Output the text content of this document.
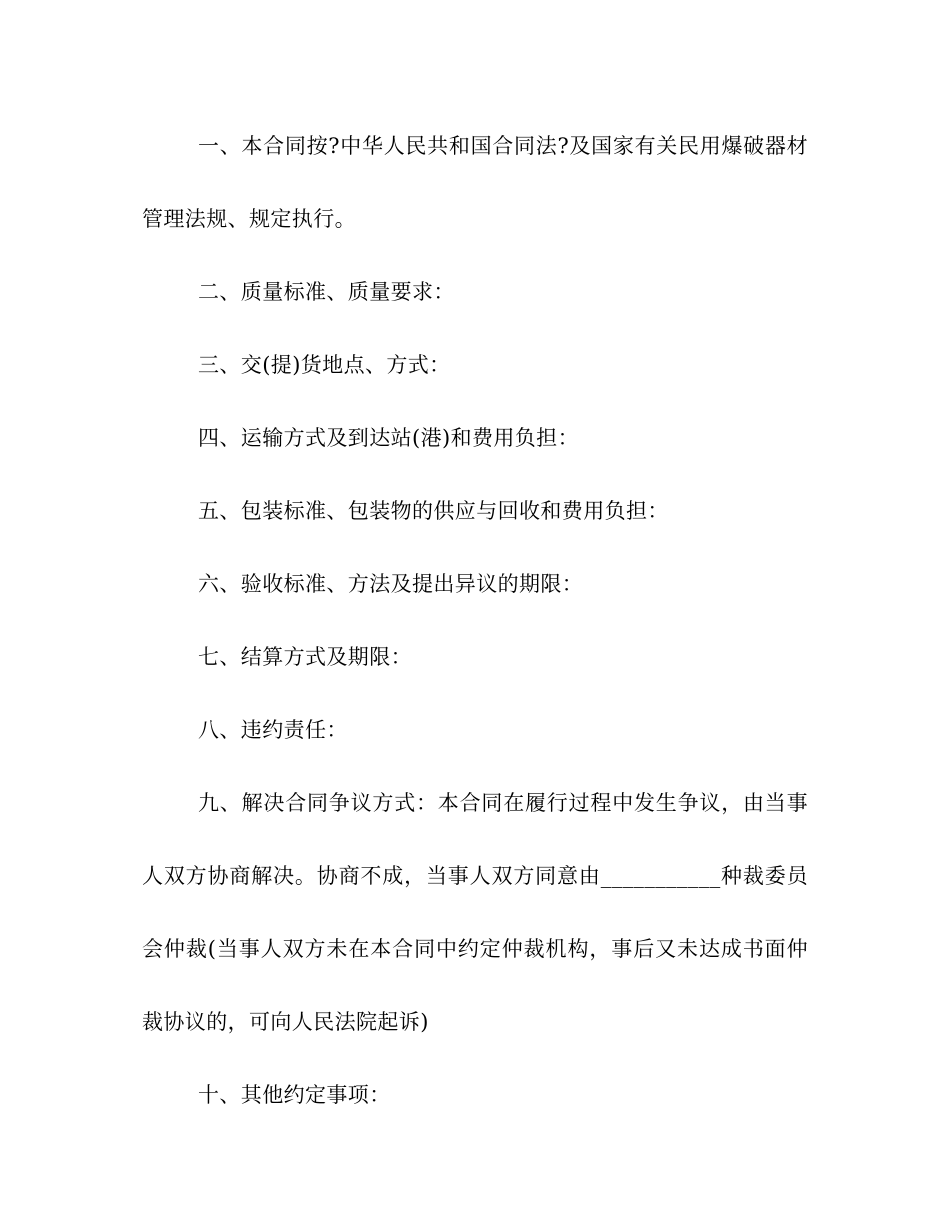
一、本合同按?中华人民共和国合同法?及国家有关民用爆破器材管理法规、规定执行。

二、质量标准、质量要求：

三、交(提)货地点、方式：

四、运输方式及到达站(港)和费用负担：

五、包装标准、包装物的供应与回收和费用负担：

六、验收标准、方法及提出异议的期限：

七、结算方式及期限：

八、违约责任：

九、解决合同争议方式：本合同在履行过程中发生争议，由当事人双方协商解决。协商不成，当事人双方同意由___________种裁委员会仲裁(当事人双方未在本合同中约定仲裁机构，事后又未达成书面仲裁协议的，可向人民法院起诉)

十、其他约定事项：
